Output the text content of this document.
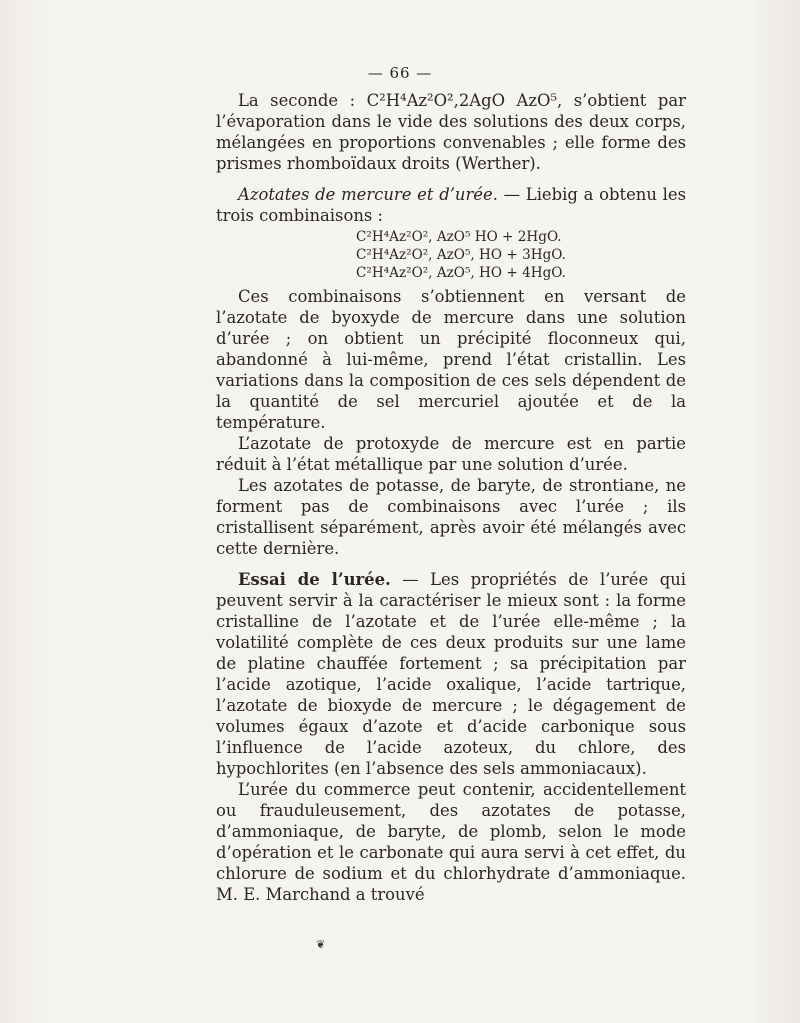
— 66 —

La seconde : C²H⁴Az²O²,2AgO AzO⁵, s’obtient par l’évaporation dans le vide des solutions des deux corps, mélangées en proportions convenables ; elle forme des prismes rhomboïdaux droits (Werther).

Azotates de mercure et d’urée. — Liebig a obtenu les trois combinaisons :

C²H⁴Az²O², AzO⁵ HO + 2HgO.
C²H⁴Az²O², AzO⁵, HO + 3HgO.
C²H⁴Az²O², AzO⁵, HO + 4HgO.

Ces combinaisons s’obtiennent en versant de l’azotate de byoxyde de mercure dans une solution d’urée ; on obtient un précipité floconneux qui, abandonné à lui-même, prend l’état cristallin. Les variations dans la composition de ces sels dépendent de la quantité de sel mercuriel ajoutée et de la température.

L’azotate de protoxyde de mercure est en partie réduit à l’état métallique par une solution d’urée.

Les azotates de potasse, de baryte, de strontiane, ne forment pas de combinaisons avec l’urée ; ils cristallisent séparément, après avoir été mélangés avec cette dernière.

Essai de l’urée. — Les propriétés de l’urée qui peuvent servir à la caractériser le mieux sont : la forme cristalline de l’azotate et de l’urée elle-même ; la volatilité complète de ces deux produits sur une lame de platine chauffée fortement ; sa précipitation par l’acide azotique, l’acide oxalique, l’acide tartrique, l’azotate de bioxyde de mercure ; le dégagement de volumes égaux d’azote et d’acide carbonique sous l’influence de l’acide azoteux, du chlore, des hypochlorites (en l’absence des sels ammoniacaux).

L’urée du commerce peut contenir, accidentellement ou frauduleusement, des azotates de potasse, d’ammoniaque, de baryte, de plomb, selon le mode d’opération et le carbonate qui aura servi à cet effet, du chlorure de sodium et du chlorhydrate d’ammoniaque. M. E. Marchand a trouvé

❦
